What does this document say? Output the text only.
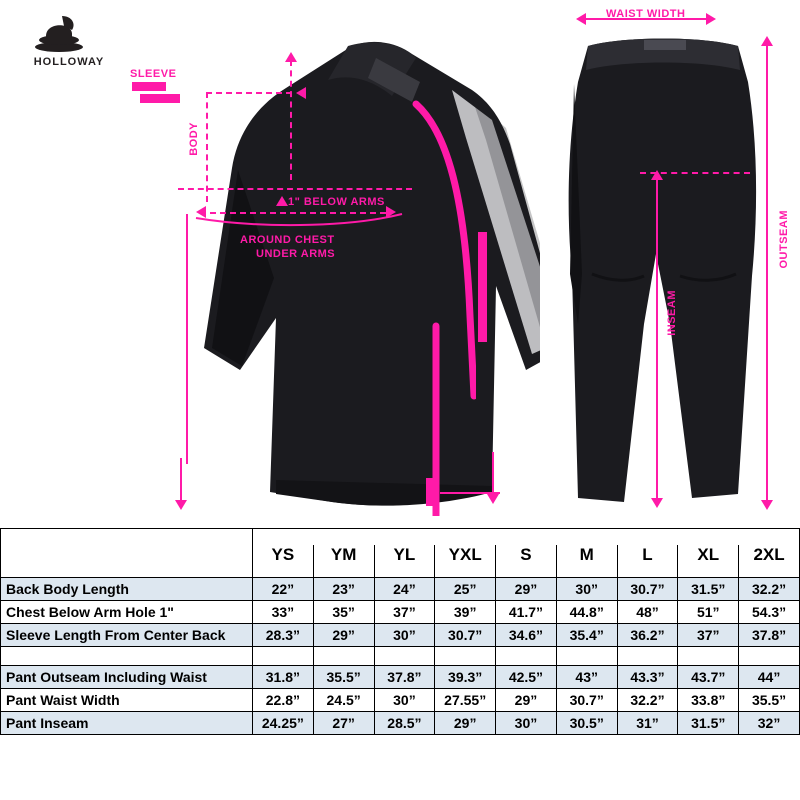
HOLLOWAY
BODY
1" BELOW ARMS
AROUND CHEST
UNDER ARMS
SLEEVE
WAIST WIDTH
OUTSEAM
INSEAM

	YS	YM	YL	YXL	S	M	L	XL	2XL
Back Body Length	22”	23”	24”	25”	29”	30”	30.7”	31.5”	32.2”
Chest Below Arm Hole 1"	33”	35”	37”	39”	41.7”	44.8”	48”	51”	54.3”
Sleeve Length From Center Back	28.3”	29”	30”	30.7”	34.6”	35.4”	36.2”	37”	37.8”

Pant Outseam Including Waist	31.8”	35.5”	37.8”	39.3”	42.5”	43”	43.3”	43.7”	44”
Pant Waist Width	22.8”	24.5”	30”	27.55”	29”	30.7”	32.2”	33.8”	35.5”
Pant Inseam	24.25”	27”	28.5”	29”	30”	30.5”	31”	31.5”	32”
